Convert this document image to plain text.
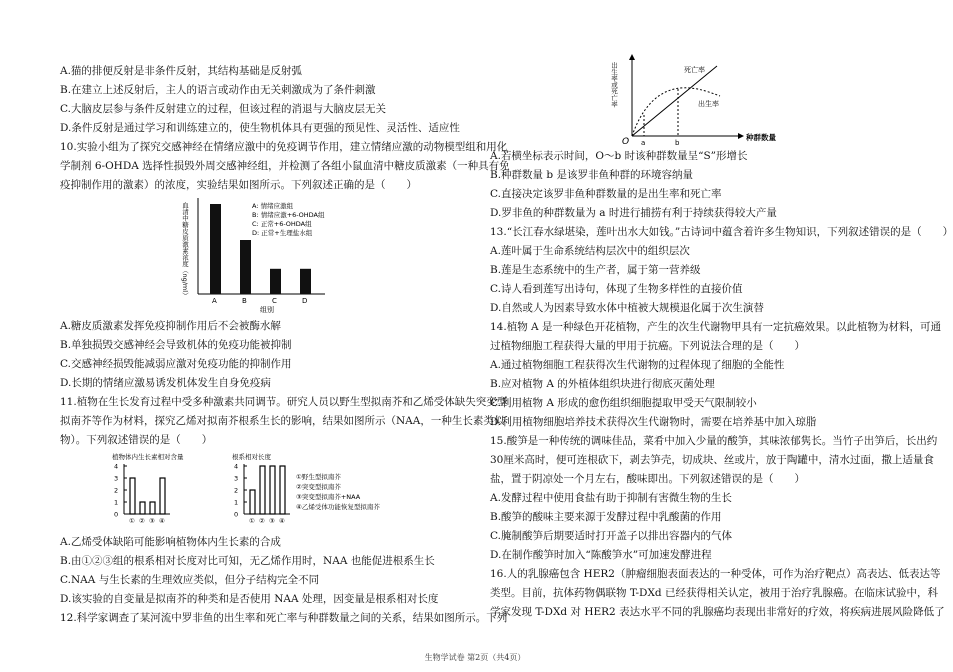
A.猫的排便反射是非条件反射，其结构基础是反射弧
B.在建立上述反射后，主人的语言或动作由无关刺激成为了条件刺激
C.大脑皮层参与条件反射建立的过程，但该过程的消退与大脑皮层无关
D.条件反射是通过学习和训练建立的，使生物机体具有更强的预见性、灵活性、适应性
10.实验小组为了探究交感神经在情绪应激中的免疫调节作用，建立情绪应激的动物模型组和用化
学制剂 6-OHDA 选择性损毁外周交感神经组，并检测了各组小鼠血清中糖皮质激素（一种具有免
疫抑制作用的激素）的浓度，实验结果如图所示。下列叙述正确的是（　　）
血清中糖皮质激素浓度（ng/ml）
A	B	C	D
组别
A: 情绪应激组
B: 情绪应激+6-OHDA组
C: 正常+6-OHDA组
D: 正常+生理盐水组
A.糖皮质激素发挥免疫抑制作用后不会被酶水解
B.单独损毁交感神经会导致机体的免疫功能被抑制
C.交感神经损毁能减弱应激对免疫功能的抑制作用
D.长期的情绪应激易诱发机体发生自身免疫病
11.植物在生长发育过程中受多种激素共同调节。研究人员以野生型拟南芥和乙烯受体缺失突变型
拟南芥等作为材料，探究乙烯对拟南芥根系生长的影响，结果如图所示（NAA，一种生长素类似
物）。下列叙述错误的是（　　）
植物体内生长素相对含量
4
3
2
1
0
① ② ③ ④
根系相对长度
4
3
2
1
0
① ② ③ ④
①野生型拟南芥
②突变型拟南芥
③突变型拟南芥+NAA
④乙烯受体功能恢复型拟南芥
A.乙烯受体缺陷可能影响植物体内生长素的合成
B.由①②③组的根系相对长度对比可知，无乙烯作用时，NAA 也能促进根系生长
C.NAA 与生长素的生理效应类似，但分子结构完全不同
D.该实验的自变量是拟南芥的种类和是否使用 NAA 处理，因变量是根系相对长度
12.科学家调查了某河流中罗非鱼的出生率和死亡率与种群数量之间的关系，结果如图所示。下列
出生率或死亡率	死亡率
出生率
O a	b
种群数量
A.若横坐标表示时间，O～b 时该种群数量呈“S”形增长
B.种群数量 b 是该罗非鱼种群的环境容纳量
C.直接决定该罗非鱼种群数量的是出生率和死亡率
D.罗非鱼的种群数量为 a 时进行捕捞有利于持续获得较大产量
13.“长江春水绿堪染，莲叶出水大如钱。”古诗词中蕴含着许多生物知识，下列叙述错误的是（　　）
A.莲叶属于生命系统结构层次中的组织层次
B.莲是生态系统中的生产者，属于第一营养级
C.诗人看到莲写出诗句，体现了生物多样性的直接价值
D.自然或人为因素导致水体中植被大规模退化属于次生演替
14.植物 A 是一种绿色开花植物，产生的次生代谢物甲具有一定抗癌效果。以此植物为材料，可通
过植物细胞工程获得大量的甲用于抗癌。下列说法合理的是（　　）
A.通过植物细胞工程获得次生代谢物的过程体现了细胞的全能性
B.应对植物 A 的外植体组织块进行彻底灭菌处理
C.利用植物 A 形成的愈伤组织细胞提取甲受天气限制较小
D.利用植物细胞培养技术获得次生代谢物时，需要在培养基中加入琼脂
15.酸笋是一种传统的调味佳品，菜肴中加入少量的酸笋，其味浓郁隽长。当竹子出笋后，长出约
30厘米高时，便可连根砍下，剥去笋壳，切成块、丝或片，放于陶罐中，清水过面，撒上适量食
盐，置于阴凉处一个月左右，酸味即出。下列叙述错误的是（　　）
A.发酵过程中使用食盐有助于抑制有害微生物的生长
B.酸笋的酸味主要来源于发酵过程中乳酸菌的作用
C.腌制酸笋后期要适时打开盖子以排出容器内的气体
D.在制作酸笋时加入“陈酸笋水”可加速发酵进程
16.人的乳腺癌包含 HER2（肿瘤细胞表面表达的一种受体，可作为治疗靶点）高表达、低表达等
类型。目前，抗体药物偶联物 T-DXd 已经获得相关认定，被用于治疗乳腺癌。在临床试验中，科
学家发现 T-DXd 对 HER2 表达水平不同的乳腺癌均表现出非常好的疗效，将疾病进展风险降低了
生物学试卷 第2页（共4页）
